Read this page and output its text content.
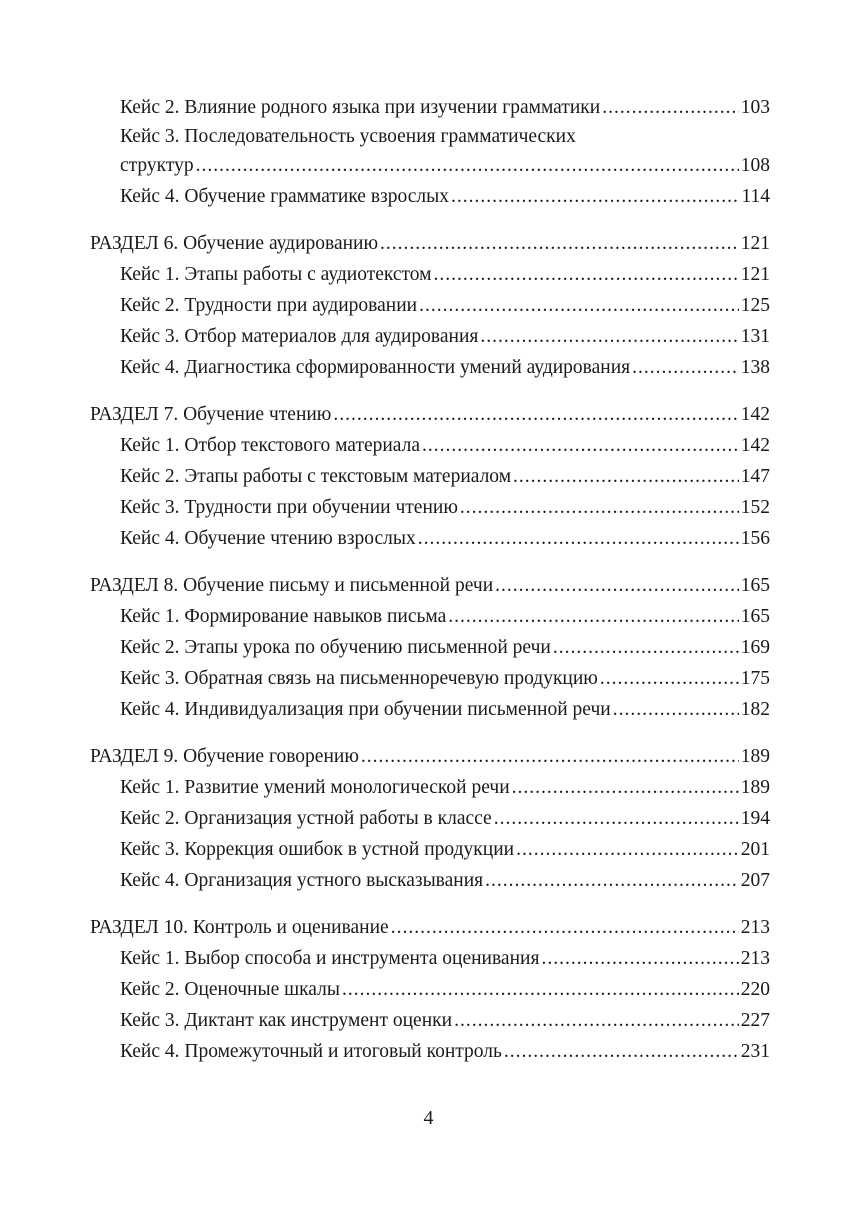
Кейс 2. Влияние родного языка при изучении грамматики .....	103
Кейс 3. Последовательность усвоения грамматических
структур .....	108
Кейс 4. Обучение грамматике взрослых .....	114
РАЗДЕЛ 6. Обучение аудированию .....	121
Кейс 1. Этапы работы с аудиотекстом .....	121
Кейс 2. Трудности при аудировании .....	125
Кейс 3. Отбор материалов для аудирования .....	131
Кейс 4. Диагностика сформированности умений аудирования .....	138
РАЗДЕЛ 7. Обучение чтению .....	142
Кейс 1. Отбор текстового материала .....	142
Кейс 2. Этапы работы с текстовым материалом .....	147
Кейс 3. Трудности при обучении чтению .....	152
Кейс 4. Обучение чтению взрослых .....	156
РАЗДЕЛ 8. Обучение письму и письменной речи .....	165
Кейс 1. Формирование навыков письма .....	165
Кейс 2. Этапы урока по обучению письменной речи .....	169
Кейс 3. Обратная связь на письменноречевую продукцию .....	175
Кейс 4. Индивидуализация при обучении письменной речи .....	182
РАЗДЕЛ 9. Обучение говорению .....	189
Кейс 1. Развитие умений монологической речи .....	189
Кейс 2. Организация устной работы в классе .....	194
Кейс 3. Коррекция ошибок в устной продукции .....	201
Кейс 4. Организация устного высказывания .....	207
РАЗДЕЛ 10. Контроль и оценивание .....	213
Кейс 1. Выбор способа и инструмента оценивания .....	213
Кейс 2. Оценочные шкалы .....	220
Кейс 3. Диктант как инструмент оценки .....	227
Кейс 4. Промежуточный и итоговый контроль .....	231
4
